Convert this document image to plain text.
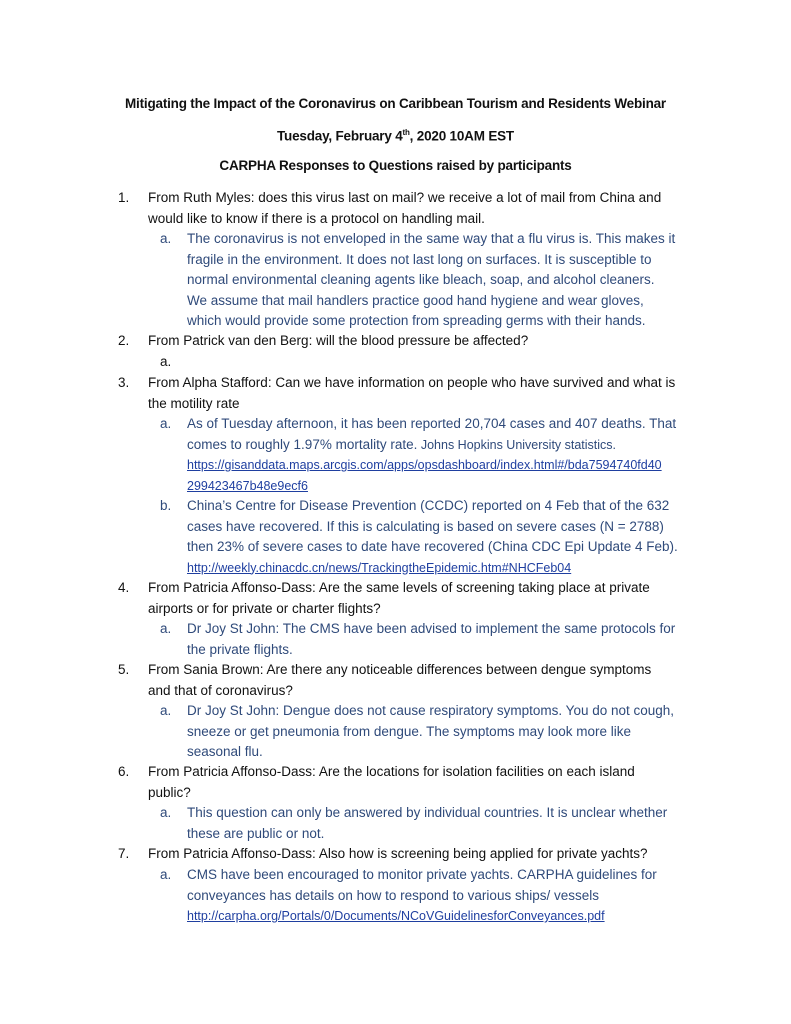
Mitigating the Impact of the Coronavirus on Caribbean Tourism and Residents Webinar
Tuesday, February 4th, 2020 10AM EST
CARPHA Responses to Questions raised by participants
1. From Ruth Myles: does this virus last on mail? we receive a lot of mail from China and
would like to know if there is a protocol on handling mail.
a. The coronavirus is not enveloped in the same way that a flu virus is. This makes it
fragile in the environment. It does not last long on surfaces. It is susceptible to
normal environmental cleaning agents like bleach, soap, and alcohol cleaners.
We assume that mail handlers practice good hand hygiene and wear gloves,
which would provide some protection from spreading germs with their hands.
2. From Patrick van den Berg: will the blood pressure be affected?
a.
3. From Alpha Stafford: Can we have information on people who have survived and what is
the motility rate
a. As of Tuesday afternoon, it has been reported 20,704 cases and 407 deaths. That
comes to roughly 1.97% mortality rate. Johns Hopkins University statistics.
https://gisanddata.maps.arcgis.com/apps/opsdashboard/index.html#/bda7594740fd40
299423467b48e9ecf6
b. China’s Centre for Disease Prevention (CCDC) reported on 4 Feb that of the 632
cases have recovered. If this is calculating is based on severe cases (N = 2788)
then 23% of severe cases to date have recovered (China CDC Epi Update 4 Feb).
http://weekly.chinacdc.cn/news/TrackingtheEpidemic.htm#NHCFeb04
4. From Patricia Affonso-Dass: Are the same levels of screening taking place at private
airports or for private or charter flights?
a. Dr Joy St John: The CMS have been advised to implement the same protocols for
the private flights.
5. From Sania Brown: Are there any noticeable differences between dengue symptoms
and that of coronavirus?
a. Dr Joy St John: Dengue does not cause respiratory symptoms. You do not cough,
sneeze or get pneumonia from dengue. The symptoms may look more like
seasonal flu.
6. From Patricia Affonso-Dass: Are the locations for isolation facilities on each island
public?
a. This question can only be answered by individual countries. It is unclear whether
these are public or not.
7. From Patricia Affonso-Dass: Also how is screening being applied for private yachts?
a. CMS have been encouraged to monitor private yachts. CARPHA guidelines for
conveyances has details on how to respond to various ships/ vessels
http://carpha.org/Portals/0/Documents/NCoVGuidelinesforConveyances.pdf
